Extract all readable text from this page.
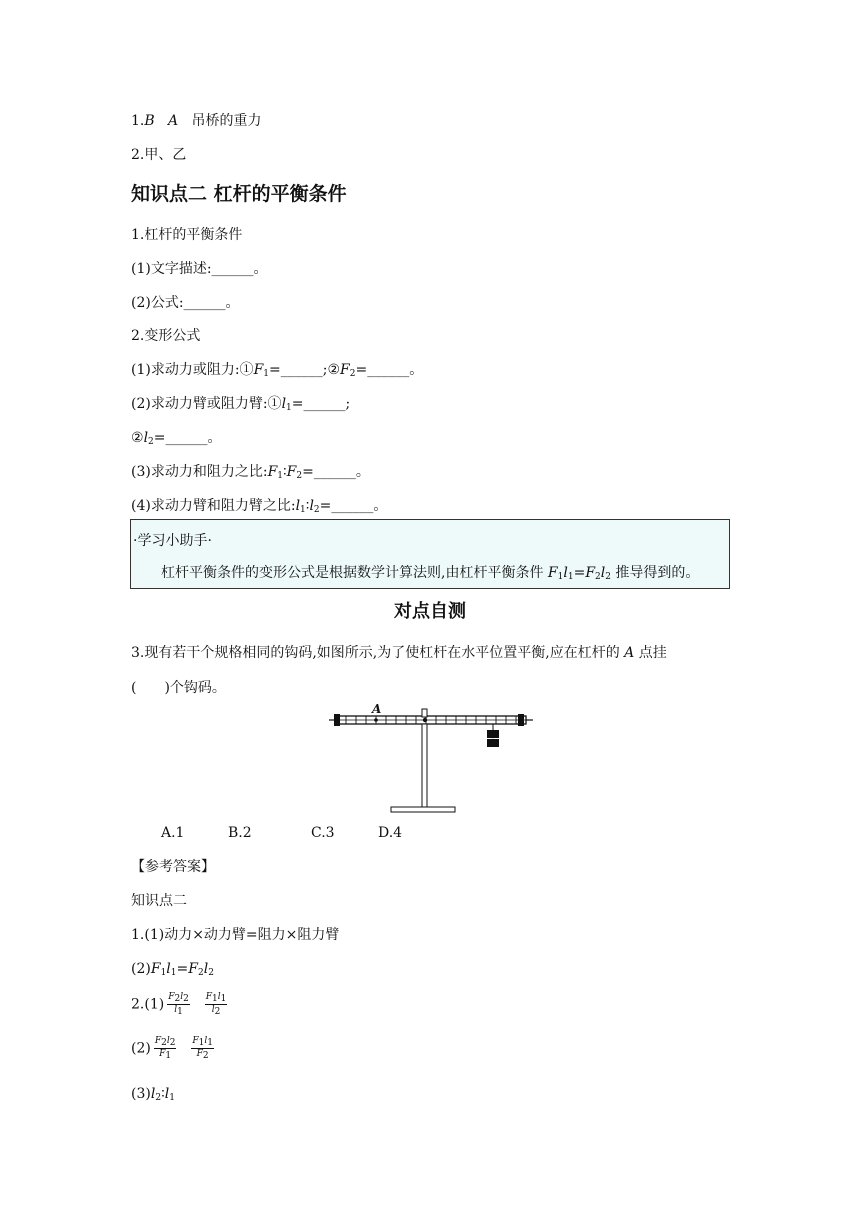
1.B A 吊桥的重力
2.甲、乙
知识点二 杠杆的平衡条件
1.杠杆的平衡条件
(1)文字描述:______。
(2)公式:______。
2.变形公式
(1)求动力或阻力$:①F_1=\_\_\_\_\_\_;②F_2=\_\_\_\_\_\_$。
(2)求动力臂或阻力臂$:①l_1=\_\_\_\_\_\_$;
$②l_2=\_\_\_\_\_\_$。
(3)求动力和阻力之比$:F_1∶F_2=\_\_\_\_\_\_$。
(4)求动力臂和阻力臂之比$:l_1∶l_2=\_\_\_\_\_\_$。
·学习小助手·
杠杆平衡条件的变形公式是根据数学计算法则,由杠杆平衡条件 $F_1l_1=F_2l_2$ 推导得到的。
对点自测
3.现有若干个规格相同的钩码,如图所示,为了使杠杆在水平位置平衡,应在杠杆的 A 点挂
(　　)个钩码。
A
A.1	B.2	C.3	D.4
【参考答案】
知识点二
1.(1)动力×动力臂=阻力×阻力臂
$(2)F_1l_1=F_2l_2$
$2.(1) \frac{F_2l_2}{l_1}$
$\frac{F_1l_1}{l_2}$
$(2) \frac{F_2l_2}{F_1}$
$\frac{F_1l_1}{F_2}$
$(3)l_2∶l_1$
